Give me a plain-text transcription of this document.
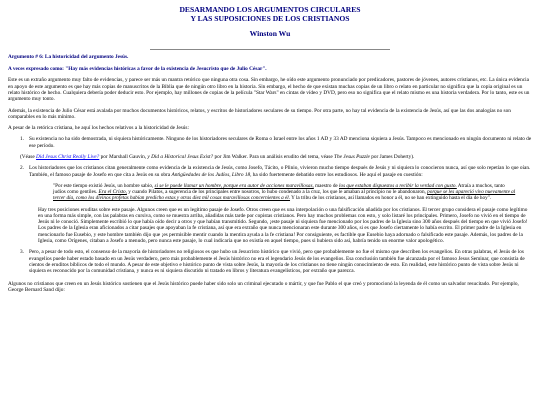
DESARMANDO LOS ARGUMENTOS CIRCULARES
Y LAS SUPOSICIONES DE LOS CRISTIANOS
Winston Wu
Argumento # 6: La historicidad del argumento Jesús.
A veces expresado como: "Hay más evidencias históricas a favor de la existencia de Jesucristo que de Julio César".

Este es un extraño argumento muy falto de evidencias, y parece ser más un mantra retórico que ninguna otra cosa. Sin embargo, he oído este argumento pronunciado por predicadores, pastores de jóvenes, autores cristianos, etc. La única evidencia en apoyo de este argumento es que hay más copias de manuscritos de la Biblia que de ningún otro libro en la historia. Sin embargo, el hecho de que existan muchas copias de un libro o relato en particular no significa que la copia original es un relato histórico de hecho. Cualquiera debería poder deducir esto. Por ejemplo, hay millones de copias de la película "Star Wars" en cintas de vídeo y DVD, pero eso no significa que el relato mismo es una historia verdadera. Por lo tanto, este es un argumento muy tonto.

Además, la existencia de Julio César está avalada por muchos documentos históricos, relatos, y escritos de historiadores seculares de su tiempo. Por otra parte, no hay tal evidencia de la existencia de Jesús, así que las dos analogías no son comparables en lo más mínimo.

A pesar de la retórica cristiana, he aquí los hechos relativos a la historicidad de Jesús:

1. Su existencia no ha sido demostrada, ni siquiera históricamente. Ninguno de los historiadores seculares de Roma o Israel entre los años 1 AD y 33 AD menciona siquiera a Jesús. Tampoco es mencionado en ningún documento ni relato de ese período.

(Véase Did Jesus Christ Really Live? por Marshall Gauvin, y Did a Historical Jesus Exist? por Jim Walker. Para un análisis erudito del tema, véase The Jesus Puzzle por James Doherty).

2. Los historiadores que los cristianos citan generalmente como evidencia de la existencia de Jesús, como Josefo, Tácito, o Plinio, vivieron mucho tiempo después de Jesús y ni siquiera lo conocieron nunca, así que solo repetían lo que oían. También, el famoso pasaje de Josefo en que cita a Jesús en su obra Antigüedades de los Judíos, Libro 18, ha sido fuertemente debatido entre los estudiosos. He aquí el pasaje en cuestión:
"Por este tiempo existió Jesús, un hombre sabio, si se le puede llamar un hombre, porque era autor de acciones maravillosas, maestro de los que estaban dispuestos a recibir la verdad con gusto. Atraía a muchos, tanto judíos como gentiles. Era el Cristo, y cuando Pilatos, a sugerencia de los principales entre nosotros, lo hubo condenado a la cruz, los que le amaban al principio no le abandonaron, porque se les apareció vivo nuevamente al tercer día, como los divinos profetas habían predicho estas y otras diez mil cosas maravillosas concernientes a él. Y la tribu de los cristianos, así llamados en honor a él, no se han extinguido hasta el día de hoy".
Hay tres posiciones eruditas sobre este pasaje. Algunos creen que es un legítimo pasaje de Josefo. Otros creen que es una interpolación o una falsificación añadida por los cristianos. El tercer grupo considera el pasaje como legítimo en una forma más simple, con las palabras en cursiva, como se muestra arriba, añadidas más tarde por copistas cristianos. Pero hay muchos problemas con esto, y solo listaré los principales. Primero, Josefo no vivió en el tiempo de Jesús ni le conoció. Simplemente escribió lo que había oído decir a otros y que habían transmitido. Segundo, ¡este pasaje ni siquiera fue mencionado por los padres de la Iglesia sino 300 años después del tiempo en que vivió Josefo! Los padres de la Iglesia eran aficionados a citar pasajes que apoyaban la fe cristiana, así que era extraño que nunca mencionaran este durante 300 años, si es que Josefo ciertamente lo había escrito. El primer padre de la Iglesia en mencionarlo fue Eusebio, y este hombre también dijo que ¡es permisible mentir cuando la mentira ayuda a la fe cristiana! Por consiguiente, es factible que Eusebio haya adornado o falsificado este pasaje. Además, los padres de la Iglesia, como Orígenes, citaban a Josefo a menudo, pero nunca este pasaje, lo cual indicaría que no existía en aquel tiempo, pues si hubiera sido así, habría tenido un enorme valor apologético.
3. Pero, a pesar de todo esto, el consenso de la mayoría de historiadores no religiosos es que hubo un Jesucristo histórico que vivió, pero que probablemente no fue el mismo que describen los evangelios. En otras palabras, el Jesús de los evangelios puede haber estado basado en un Jesús verdadero, pero más probablemente el Jesús histórico no era el legendario Jesús de los evangelios. Esa conclusión también fue alcanzada por el famoso Jesus Seminar, que consistía de cientos de eruditos bíblicos de todo el mundo. A pesar de este objetivo e histórico punto de vista sobre Jesús, la mayoría de los cristianos no tiene ningún conocimiento de esto. En realidad, este histórico punto de vista sobre Jesús ni siquiera es reconocido por la comunidad cristiana, y nunca es ni siquiera discutido ni tratado en libros y literatura evangelísticos, por extraño que parezca.

Algunos no cristianos que creen en un Jesús histórico sostienen que el Jesús histórico puede haber sido solo un criminal ejecutado o mártir, y que fue Pablo el que creó y promocionó la leyenda de él como un salvador resucitado. Por ejemplo, George Bernard Sand dijo:
